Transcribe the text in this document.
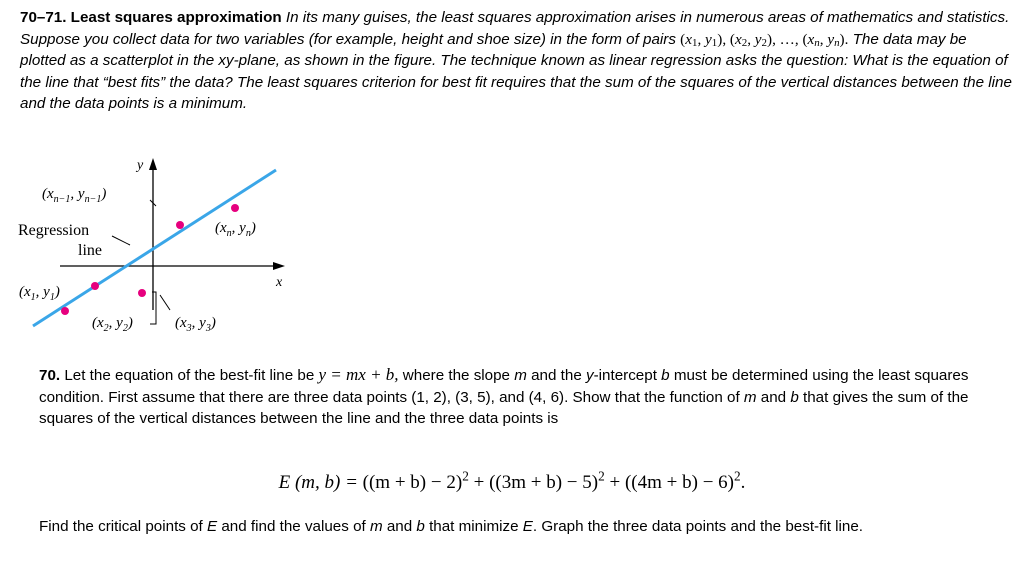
70–71. Least squares approximation In its many guises, the least squares approximation arises in numerous areas of mathematics and statistics. Suppose you collect data for two variables (for example, height and shoe size) in the form of pairs ($x_1$, $y_1$), ($x_2$, $y_2$), …, ($x_n$, $y_n$). The data may be plotted as a scatterplot in the xy-plane, as shown in the figure. The technique known as linear regression asks the question: What is the equation of the line that “best fits” the data? The least squares criterion for best fit requires that the sum of the squares of the vertical distances between the line and the data points is a minimum.
y
x
($x_{n-1}$, $y_{n-1}$)
($x_n$, $y_n$)
Regression
line
($x_1$, $y_1$)
($x_2$, $y_2$)	($x_3$, $y_3$)
70. Let the equation of the best-fit line be y = mx + b, where the slope m and the y-intercept b must be determined using the least squares condition. First assume that there are three data points (1, 2), (3, 5), and (4, 6). Show that the function of m and b that gives the sum of the squares of the vertical distances between the line and the three data points is
E (m, $b) = ((m + b) - 2)^2 + ((3m + b) - 5)^2 + ((4m + b) - 6)^2$.
Find the critical points of E and find the values of m and b that minimize E. Graph the three data points and the best-fit line.
